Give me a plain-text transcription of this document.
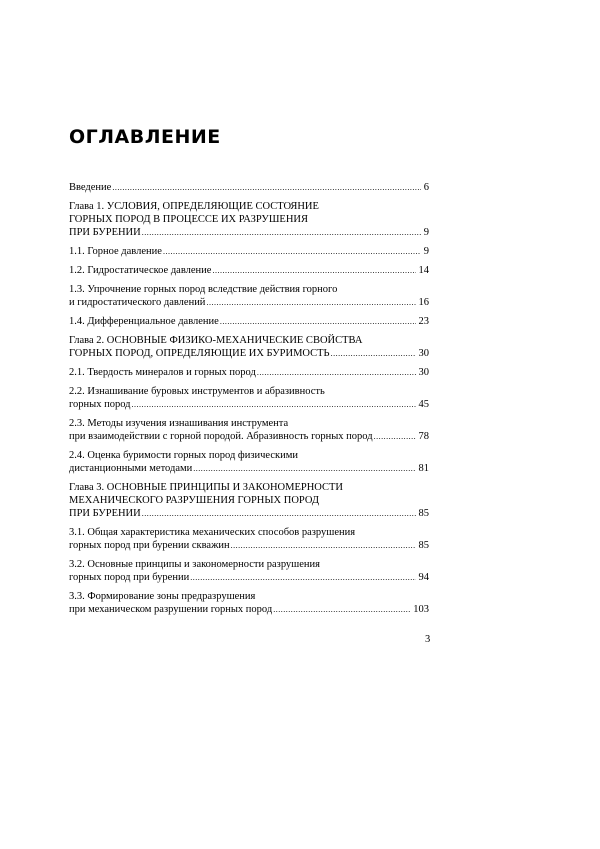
ОГЛАВЛЕНИЕ
Введение .....	6
Глава 1. УСЛОВИЯ, ОПРЕДЕЛЯЮЩИЕ СОСТОЯНИЕ
ГОРНЫХ ПОРОД В ПРОЦЕССЕ ИХ РАЗРУШЕНИЯ
ПРИ БУРЕНИИ .....	9
1.1. Горное давление .....	9
1.2. Гидростатическое давление .....	14
1.3. Упрочнение горных пород вследствие действия горного
и гидростатического давлений .....	16
1.4. Дифференциальное давление .....	23
Глава 2. ОСНОВНЫЕ ФИЗИКО-МЕХАНИЧЕСКИЕ СВОЙСТВА
ГОРНЫХ ПОРОД, ОПРЕДЕЛЯЮЩИЕ ИХ БУРИМОСТЬ .....	30
2.1. Твердость минералов и горных пород .....	30
2.2. Изнашивание буровых инструментов и абразивность
горных пород .....	45
2.3. Методы изучения изнашивания инструмента
при взаимодействии с горной породой. Абразивность горных пород .....	78
2.4. Оценка буримости горных пород физическими
дистанционными методами .....	81
Глава 3. ОСНОВНЫЕ ПРИНЦИПЫ И ЗАКОНОМЕРНОСТИ
МЕХАНИЧЕСКОГО РАЗРУШЕНИЯ ГОРНЫХ ПОРОД
ПРИ БУРЕНИИ .....	85
3.1. Общая характеристика механических способов разрушения
горных пород при бурении скважин .....	85
3.2. Основные принципы и закономерности разрушения
горных пород при бурении .....	94
3.3. Формирование зоны предразрушения
при механическом разрушении горных пород .....	103
3
